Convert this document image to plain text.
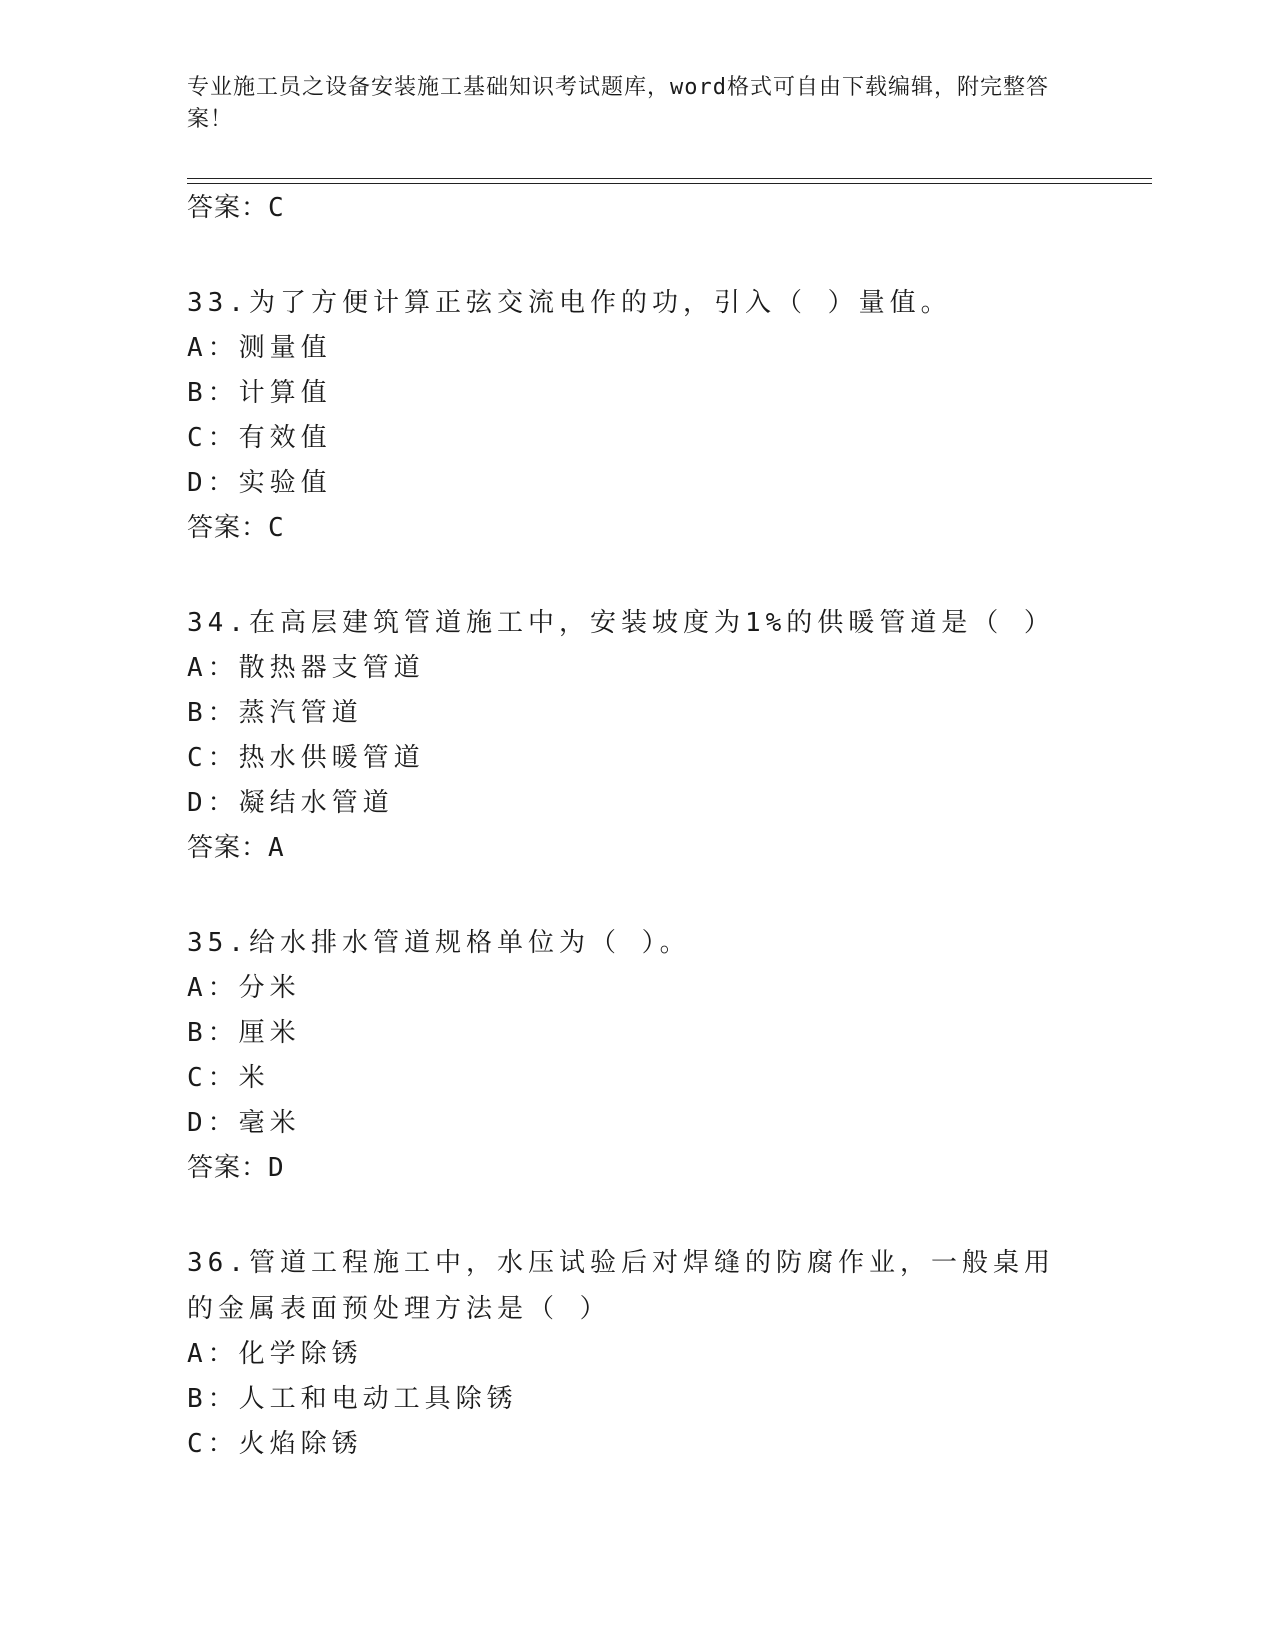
专业施工员之设备安装施工基础知识考试题库，word格式可自由下载编辑，附完整答案！
答案：C
33.为了方便计算正弦交流电作的功，引入（ ）量值。
A：测量值
B：计算值
C：有效值
D：实验值
答案：C
34.在高层建筑管道施工中，安装坡度为1%的供暖管道是（ ）
A：散热器支管道
B：蒸汽管道
C：热水供暖管道
D：凝结水管道
答案：A
35.给水排水管道规格单位为（ ）。
A：分米
B：厘米
C：米
D：毫米
答案：D
36.管道工程施工中，水压试验后对焊缝的防腐作业，一般桌用的金属表面预处理方法是（ ）
A：化学除锈
B：人工和电动工具除锈
C：火焰除锈
